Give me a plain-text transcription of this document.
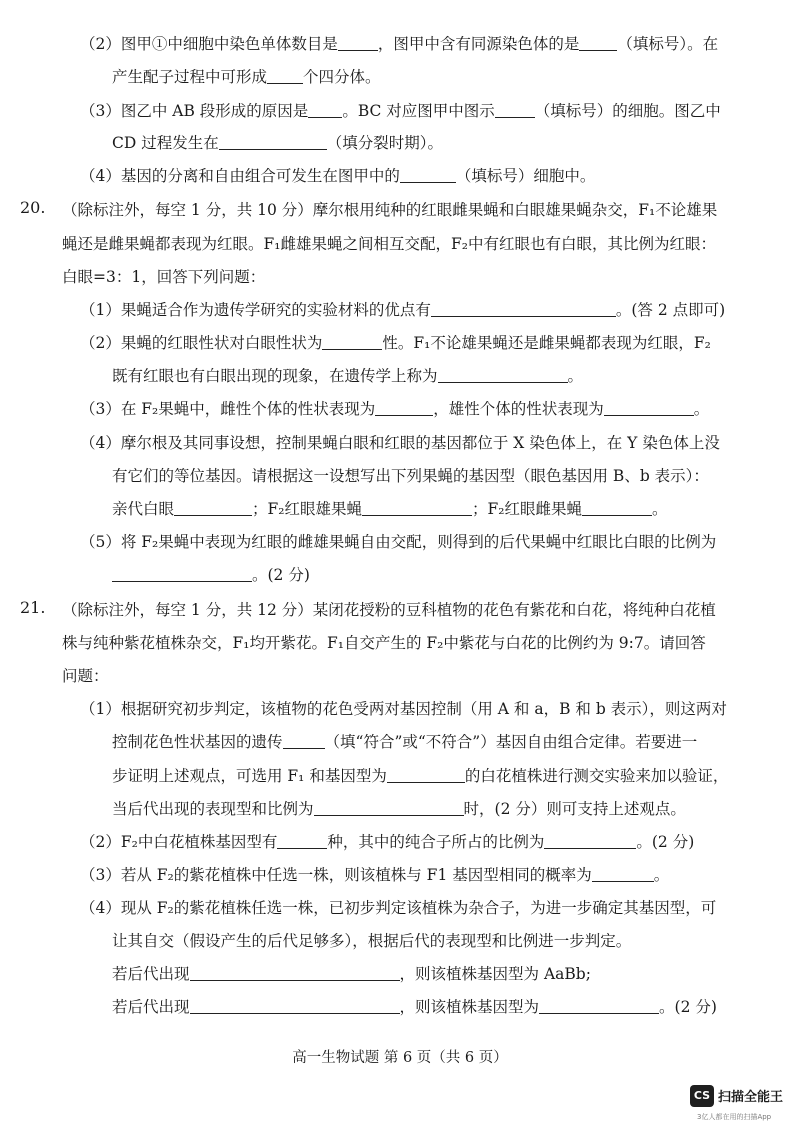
（2）图甲①中细胞中染色单体数目是	，图甲中含有同源染色体的是 （填标号）。在
产生配子过程中可形成 个四分体。
（3）图乙中 AB 段形成的原因是 。BC 对应图甲中图示	（填标号）的细胞。图乙中
CD 过程发生在	（填分裂时期）。
（4）基因的分离和自由组合可发生在图甲中的	（填标号）细胞中。
20. （除标注外，每空 1 分，共 10 分）摩尔根用纯种的红眼雌果蝇和白眼雄果蝇杂交，F₁不论雄果
蝇还是雌果蝇都表现为红眼。F₁雌雄果蝇之间相互交配，F₂中有红眼也有白眼，其比例为红眼：
白眼=3：1，回答下列问题：
（1）果蝇适合作为遗传学研究的实验材料的优点有	。(答 2 点即可)
（2）果蝇的红眼性状对白眼性状为	性。F₁不论雄果蝇还是雌果蝇都表现为红眼，F₂
既有红眼也有白眼出现的现象，在遗传学上称为	。
（3）在 F₂果蝇中，雌性个体的性状表现为	，雄性个体的性状表现为	。
（4）摩尔根及其同事设想，控制果蝇白眼和红眼的基因都位于 X 染色体上，在 Y 染色体上没
有它们的等位基因。请根据这一设想写出下列果蝇的基因型（眼色基因用 B、b 表示）：
亲代白眼	；F₂红眼雄果蝇	；F₂红眼雌果蝇	。
（5）将 F₂果蝇中表现为红眼的雌雄果蝇自由交配，则得到的后代果蝇中红眼比白眼的比例为
。(2 分)
21. （除标注外，每空 1 分，共 12 分）某闭花授粉的豆科植物的花色有紫花和白花，将纯种白花植
株与纯种紫花植株杂交，F₁均开紫花。F₁自交产生的 F₂中紫花与白花的比例约为 9:7。请回答
问题：
（1）根据研究初步判定，该植物的花色受两对基因控制（用 A 和 a，B 和 b 表示），则这两对
控制花色性状基因的遗传	（填“符合”或“不符合”）基因自由组合定律。若要进一
步证明上述观点，可选用 F₁ 和基因型为	的白花植株进行测交实验来加以验证，
当后代出现的表现型和比例为	时，(2 分）则可支持上述观点。
（2）F₂中白花植株基因型有	种，其中的纯合子所占的比例为	。(2 分)
（3）若从 F₂的紫花植株中任选一株，则该植株与 F1 基因型相同的概率为	。
（4）现从 F₂的紫花植株任选一株，已初步判定该植株为杂合子，为进一步确定其基因型，可
让其自交（假设产生的后代足够多），根据后代的表现型和比例进一步判定。
若后代出现	，则该植株基因型为 AaBb;
若后代出现	，则该植株基因型为	。(2 分)
高一生物试题 第 6 页（共 6 页）
CS 扫描全能王
3亿人都在用的扫描App
